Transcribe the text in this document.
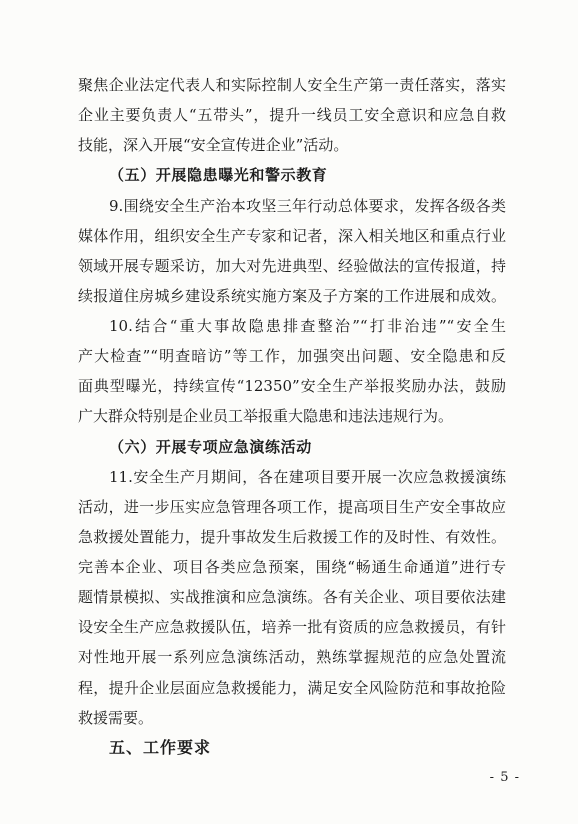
聚焦企业法定代表人和实际控制人安全生产第一责任落实，落实
企业主要负责人“五带头”，提升一线员工安全意识和应急自救
技能，深入开展“安全宣传进企业”活动。
（五）开展隐患曝光和警示教育
9.围绕安全生产治本攻坚三年行动总体要求，发挥各级各类
媒体作用，组织安全生产专家和记者，深入相关地区和重点行业
领域开展专题采访，加大对先进典型、经验做法的宣传报道，持
续报道住房城乡建设系统实施方案及子方案的工作进展和成效。
10.结合“重大事故隐患排查整治”“打非治违”“安全生
产大检查”“明查暗访”等工作，加强突出问题、安全隐患和反
面典型曝光，持续宣传“12350”安全生产举报奖励办法，鼓励
广大群众特别是企业员工举报重大隐患和违法违规行为。
（六）开展专项应急演练活动
11.安全生产月期间，各在建项目要开展一次应急救援演练
活动，进一步压实应急管理各项工作，提高项目生产安全事故应
急救援处置能力，提升事故发生后救援工作的及时性、有效性。
完善本企业、项目各类应急预案，围绕“畅通生命通道”进行专
题情景模拟、实战推演和应急演练。各有关企业、项目要依法建
设安全生产应急救援队伍，培养一批有资质的应急救援员，有针
对性地开展一系列应急演练活动，熟练掌握规范的应急处置流
程，提升企业层面应急救援能力，满足安全风险防范和事故抢险
救援需要。
五、工作要求
- 5 -
